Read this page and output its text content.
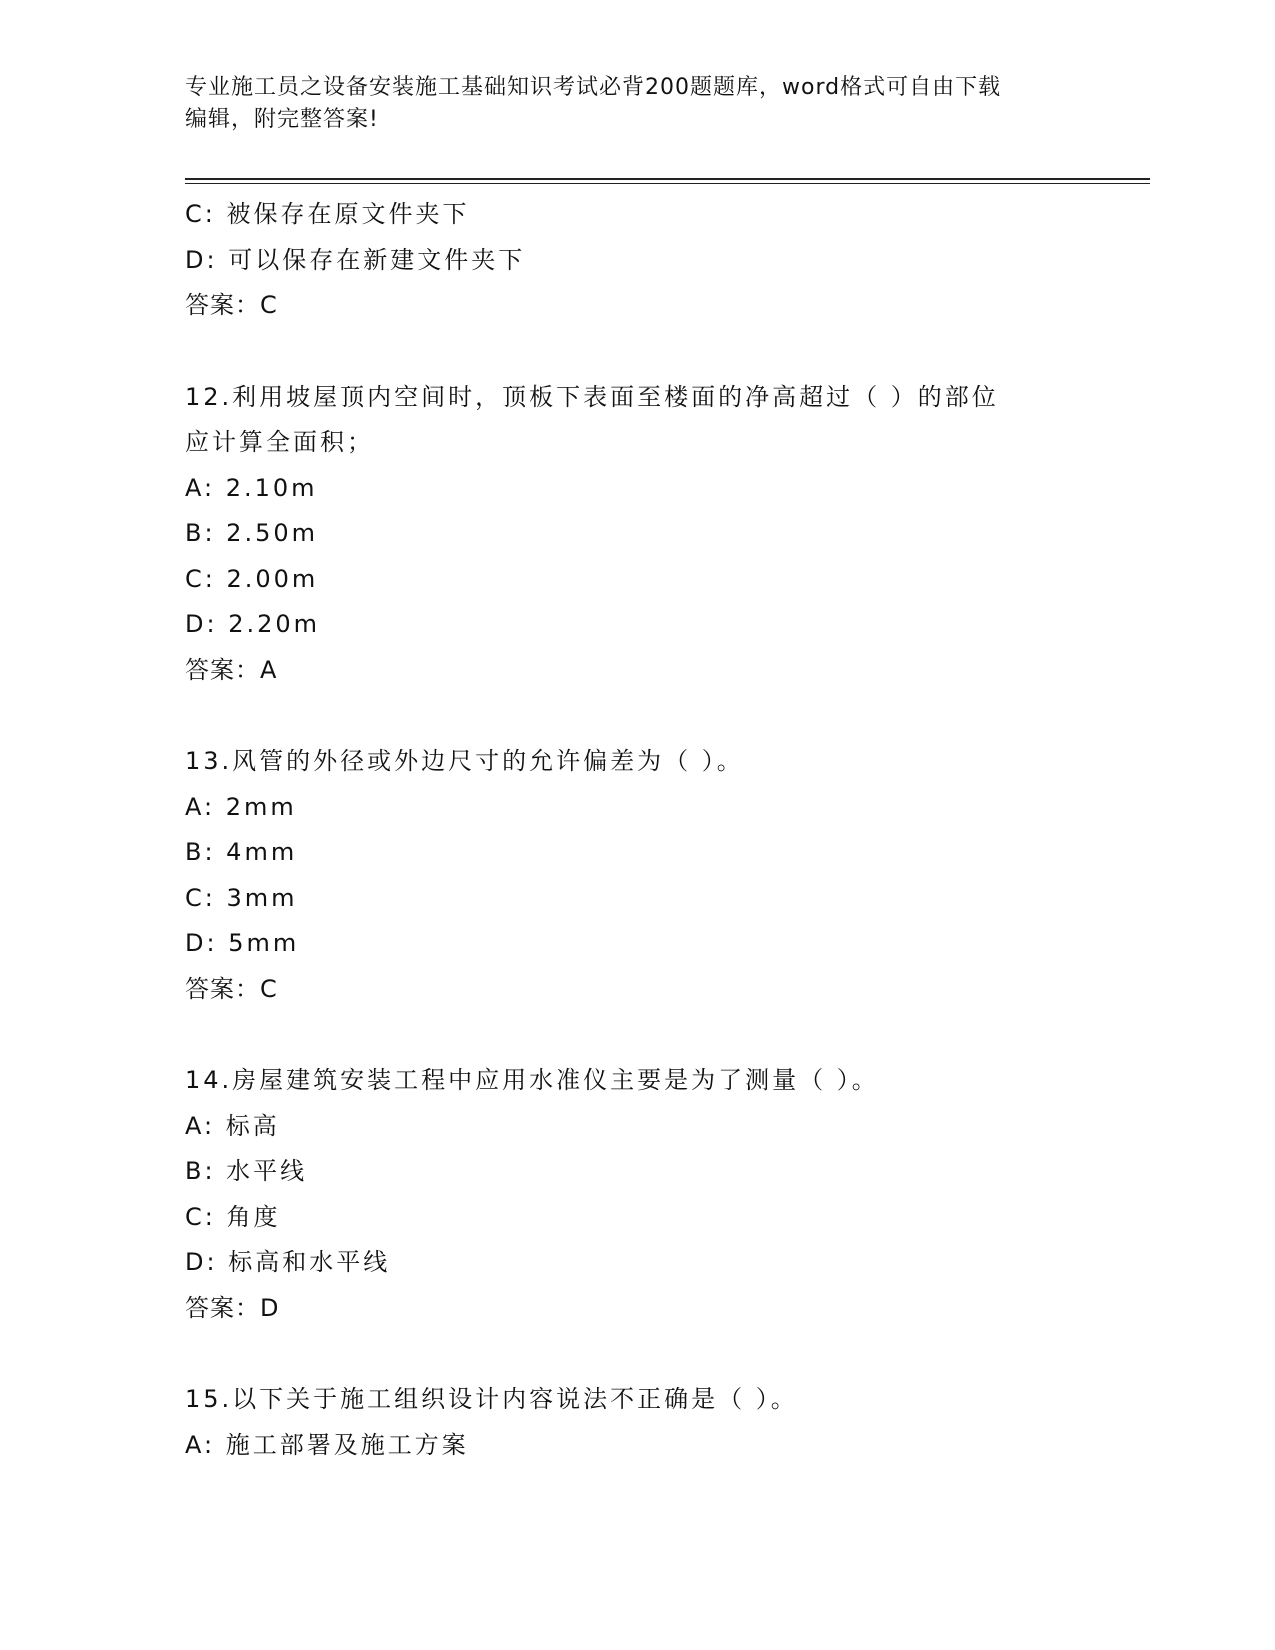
专业施工员之设备安装施工基础知识考试必背200题题库，word格式可自由下载
编辑，附完整答案!
C: 被保存在原文件夹下
D: 可以保存在新建文件夹下
答案：C
12.利用坡屋顶内空间时，顶板下表面至楼面的净高超过（ ）的部位
应计算全面积；
A: 2.10m
B: 2.50m
C: 2.00m
D: 2.20m
答案：A
13.风管的外径或外边尺寸的允许偏差为（ ）。
A: 2mm
B: 4mm
C: 3mm
D: 5mm
答案：C
14.房屋建筑安装工程中应用水准仪主要是为了测量（ ）。
A: 标高
B: 水平线
C: 角度
D: 标高和水平线
答案：D
15.以下关于施工组织设计内容说法不正确是（ ）。
A: 施工部署及施工方案
